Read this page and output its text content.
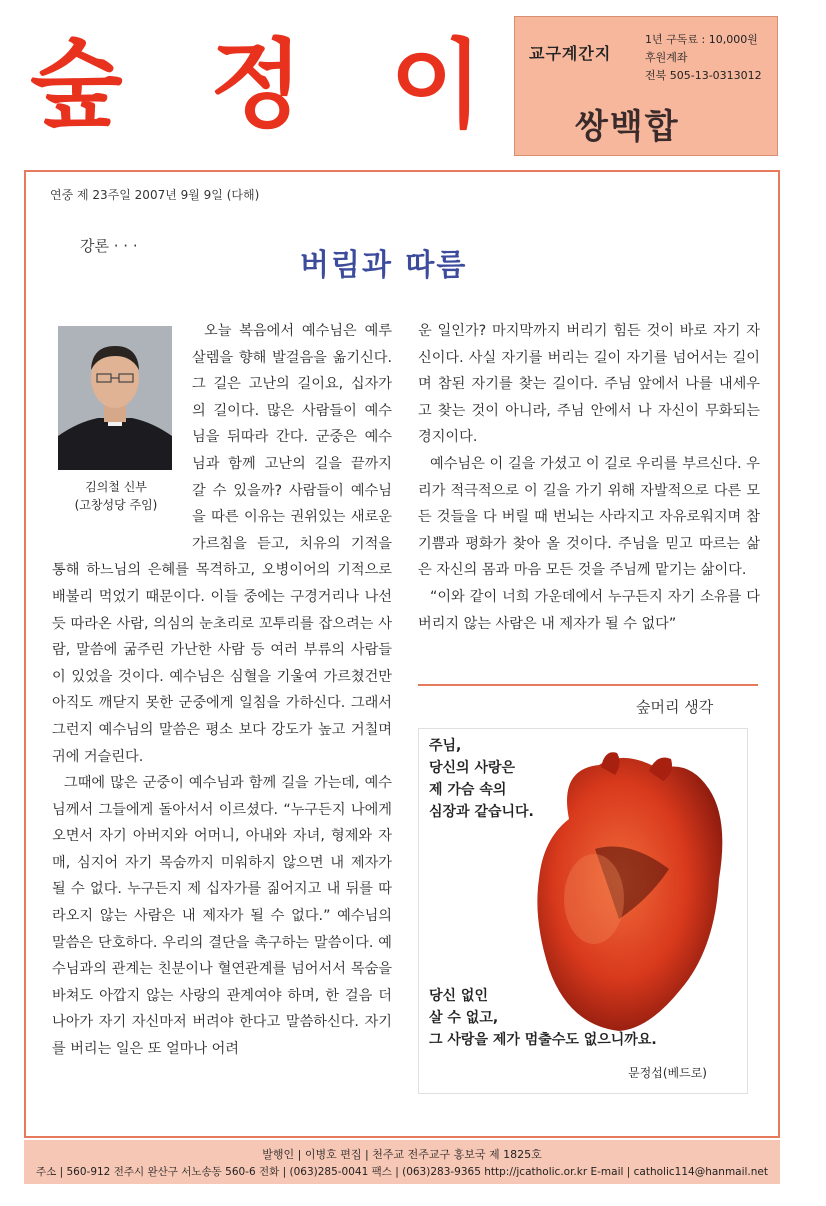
숲 정 이	교구계간지
1년 구독료 : 10,000원
후원계좌
전북 505-13-0313012
쌍백합
연중 제 23주일 2007년 9월 9일 (다해)
강론 · · ·
버림과 따름
김의철 신부
(고창성당 주임)

오늘 복음에서 예수님은 예루살렘을 향해 발걸음을 옮기신다. 그 길은 고난의 길이요, 십자가의 길이다. 많은 사람들이 예수님을 뒤따라 간다. 군중은 예수님과 함께 고난의 길을 끝까지 갈 수 있을까? 사람들이 예수님을 따른 이유는 권위있는 새로운 가르침을 듣고, 치유의 기적을 통해 하느님의 은혜를 목격하고, 오병이어의 기적으로 배불리 먹었기 때문이다. 이들 중에는 구경거리나 나선듯 따라온 사람, 의심의 눈초리로 꼬투리를 잡으려는 사람, 말씀에 굶주린 가난한 사람 등 여러 부류의 사람들이 있었을 것이다. 예수님은 심혈을 기울여 가르쳤건만 아직도 깨닫지 못한 군중에게 일침을 가하신다. 그래서 그런지 예수님의 말씀은 평소 보다 강도가 높고 거칠며 귀에 거슬린다.

그때에 많은 군중이 예수님과 함께 길을 가는데, 예수님께서 그들에게 돌아서서 이르셨다. “누구든지 나에게 오면서 자기 아버지와 어머니, 아내와 자녀, 형제와 자매, 심지어 자기 목숨까지 미워하지 않으면 내 제자가 될 수 없다. 누구든지 제 십자가를 짊어지고 내 뒤를 따라오지 않는 사람은 내 제자가 될 수 없다.” 예수님의 말씀은 단호하다. 우리의 결단을 촉구하는 말씀이다. 예수님과의 관계는 친분이나 혈연관계를 넘어서서 목숨을 바쳐도 아깝지 않는 사랑의 관계여야 하며, 한 걸음 더 나아가 자기 자신마저 버려야 한다고 말씀하신다. 자기를 버리는 일은 또 얼마나 어려

운 일인가? 마지막까지 버리기 힘든 것이 바로 자기 자신이다. 사실 자기를 버리는 길이 자기를 넘어서는 길이며 참된 자기를 찾는 길이다. 주님 앞에서 나를 내세우고 찾는 것이 아니라, 주님 안에서 나 자신이 무화되는 경지이다.

예수님은 이 길을 가셨고 이 길로 우리를 부르신다. 우리가 적극적으로 이 길을 가기 위해 자발적으로 다른 모든 것들을 다 버릴 때 번뇌는 사라지고 자유로워지며 참 기쁨과 평화가 찾아 올 것이다. 주님을 믿고 따르는 삶은 자신의 몸과 마음 모든 것을 주님께 맡기는 삶이다.

“이와 같이 너희 가운데에서 누구든지 자기 소유를 다 버리지 않는 사람은 내 제자가 될 수 없다”

숲머리 생각
주님,
당신의 사랑은
제 가슴 속의
심장과 같습니다.
당신 없인
살 수 없고,
그 사랑을 제가 멈출수도 없으니까요.
문정섭(베드로)
발행인 | 이병호 편집 | 천주교 전주교구 홍보국 제 1825호
주소 | 560-912 전주시 완산구 서노송동 560-6 전화 | (063)285-0041 팩스 | (063)283-9365 http://jcatholic.or.kr E-mail | catholic114@hanmail.net
